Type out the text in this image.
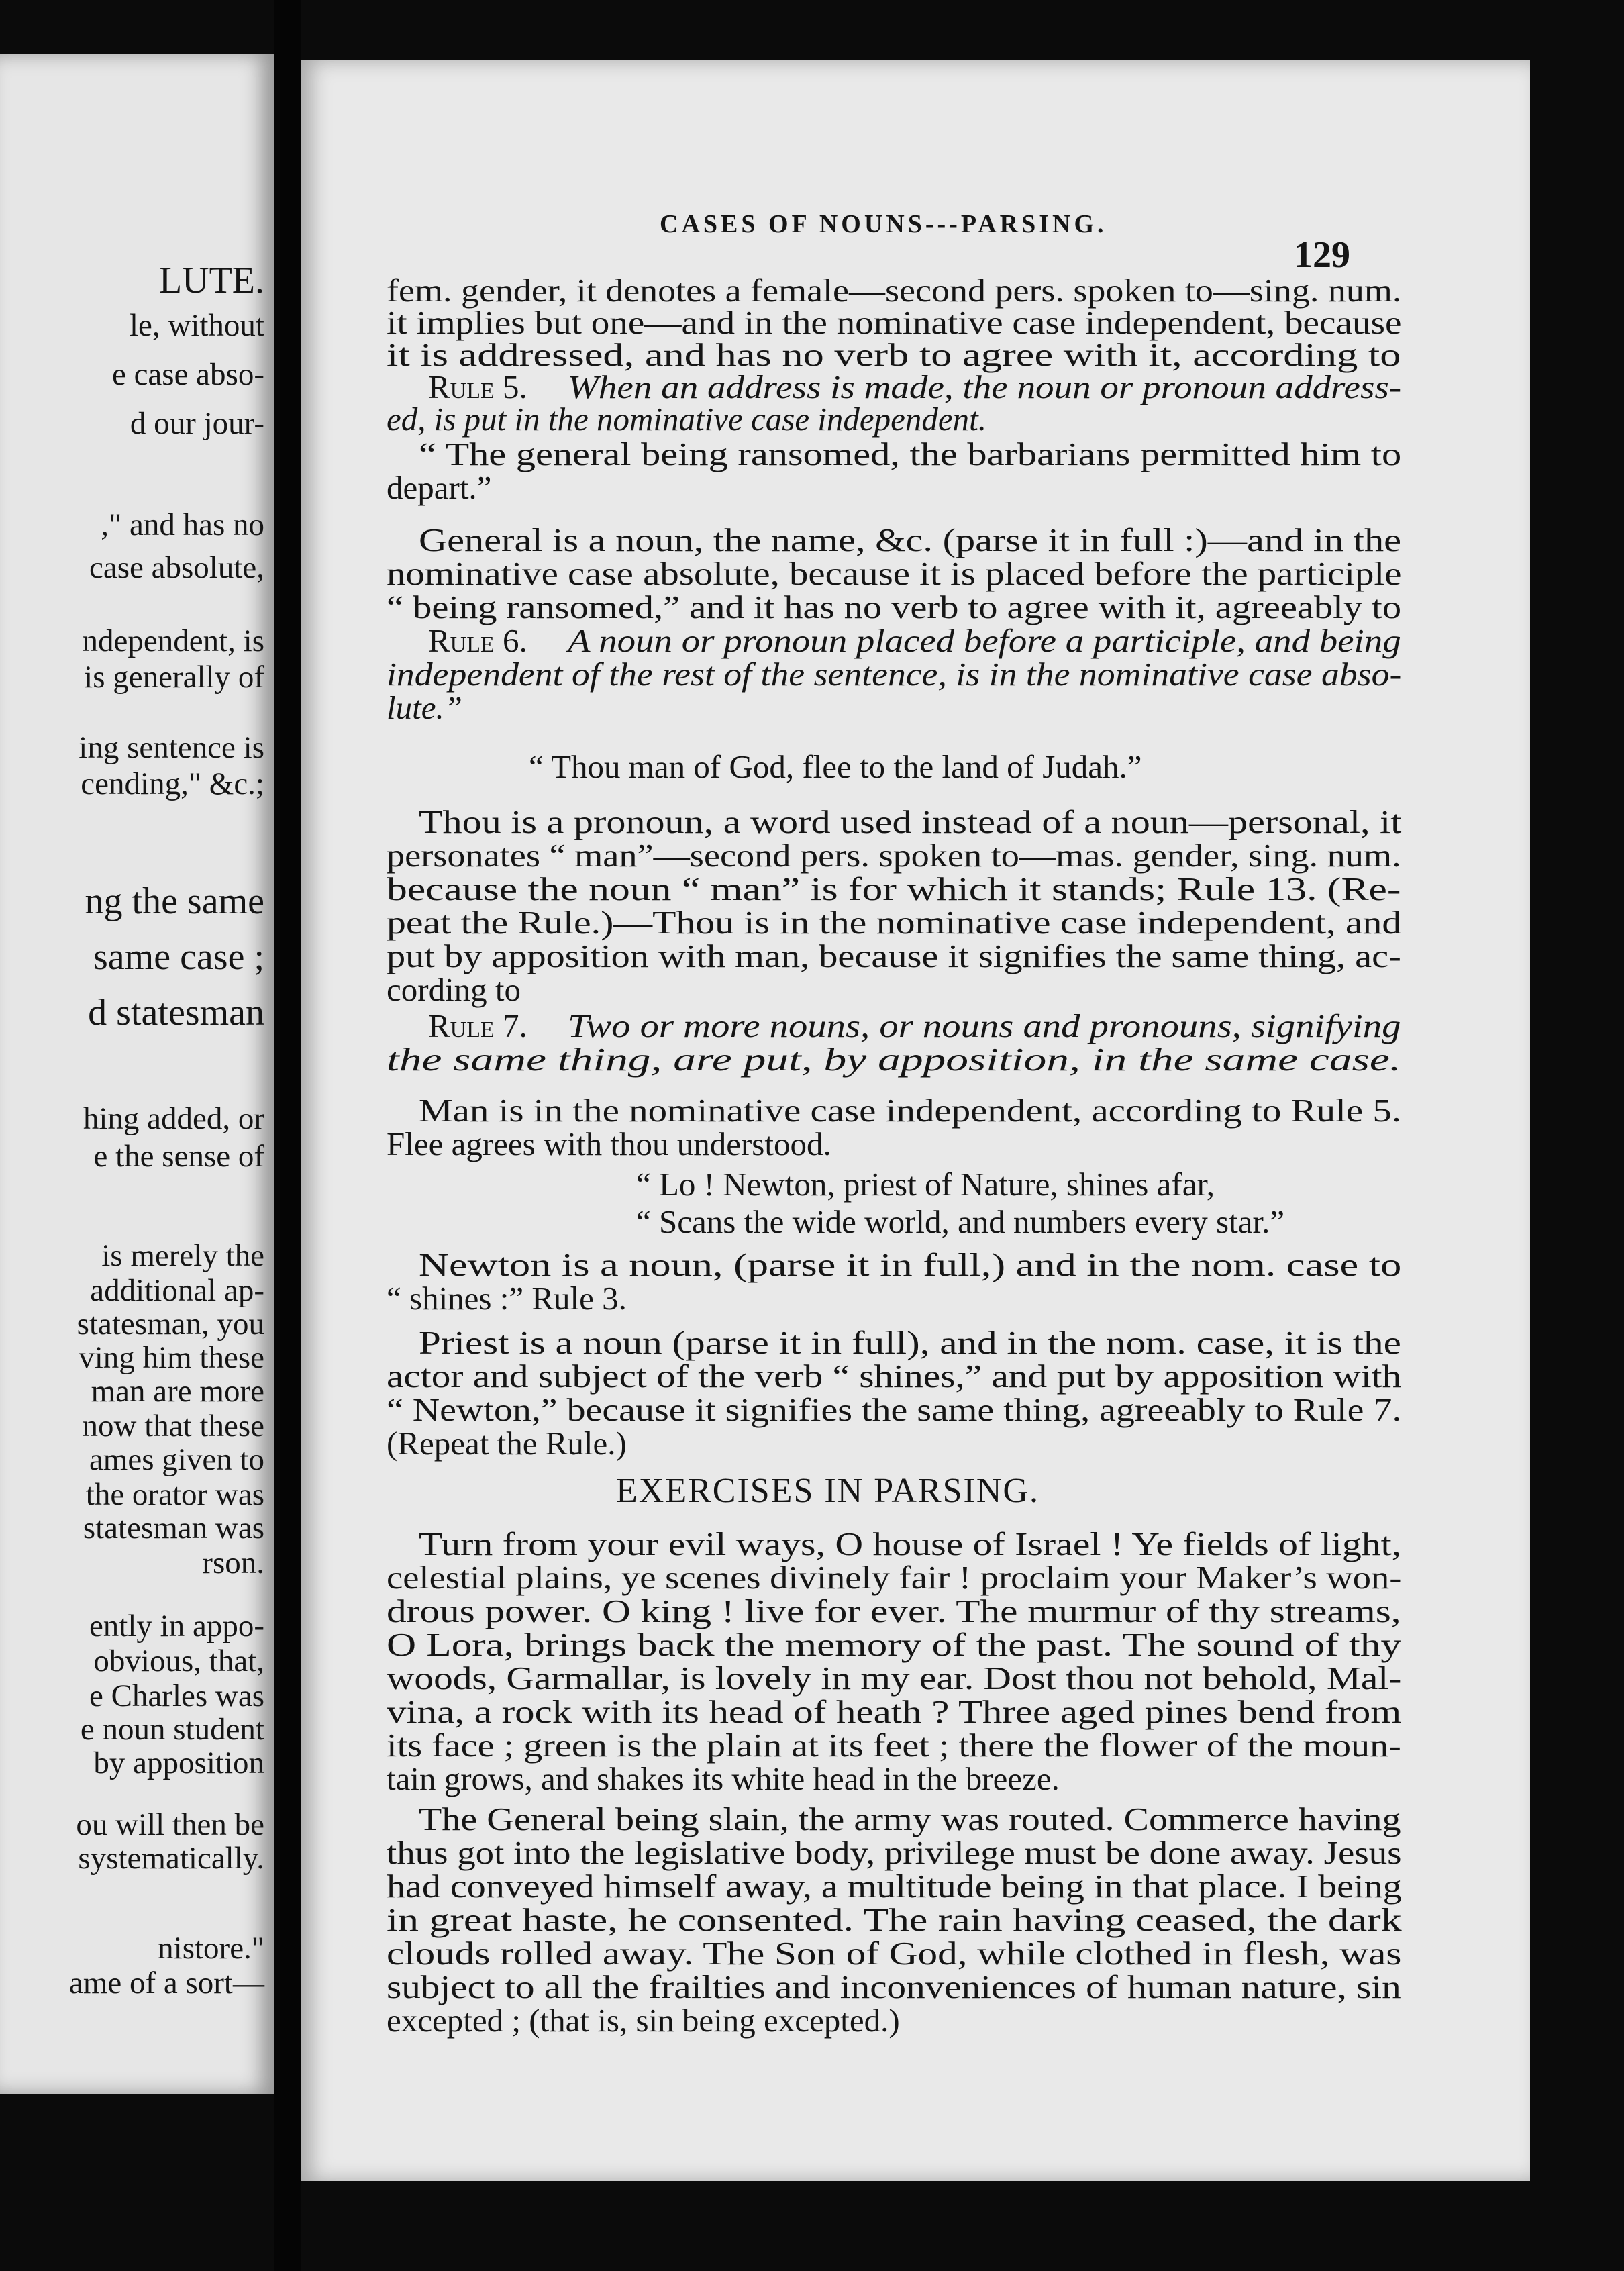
LUTE.
le, without
e case abso-
d our jour-
," and has no
case absolute,
ndependent, is
is generally of
ing sentence is
cending," &c.;
ng the same
same case ;
d statesman
hing added, or
e the sense of
is merely the
additional ap-
statesman, you
ving him these
man are more
now that these
ames given to
the orator was
statesman was
rson.
ently in appo-
obvious, that,
e Charles was
e noun student
by apposition
ou will then be
systematically.
nistore."
ame of a sort—
CASES OF NOUNS---PARSING.
129
fem. gender, it denotes a female—second pers. spoken to—sing. num.
it implies but one—and in the nominative case independent, because
it is addressed, and has no verb to agree with it, according to
Rule 5. When an address is made, the noun or pronoun address-
ed, is put in the nominative case independent.
“ The general being ransomed, the barbarians permitted him to
depart.”
General is a noun, the name, &c. (parse it in full :)—and in the
nominative case absolute, because it is placed before the participle
“ being ransomed,” and it has no verb to agree with it, agreeably to
Rule 6. A noun or pronoun placed before a participle, and being
independent of the rest of the sentence, is in the nominative case abso-
lute.”
“ Thou man of God, flee to the land of Judah.”
Thou is a pronoun, a word used instead of a noun—personal, it
personates “ man”—second pers. spoken to—mas. gender, sing. num.
because the noun “ man” is for which it stands; Rule 13. (Re-
peat the Rule.)—Thou is in the nominative case independent, and
put by apposition with man, because it signifies the same thing, ac-
cording to
Rule 7. Two or more nouns, or nouns and pronouns, signifying
the same thing, are put, by apposition, in the same case.
Man is in the nominative case independent, according to Rule 5.
Flee agrees with thou understood.
“ Lo ! Newton, priest of Nature, shines afar,
“ Scans the wide world, and numbers every star.”
Newton is a noun, (parse it in full,) and in the nom. case to
“ shines :” Rule 3.
Priest is a noun (parse it in full), and in the nom. case, it is the
actor and subject of the verb “ shines,” and put by apposition with
“ Newton,” because it signifies the same thing, agreeably to Rule 7.
(Repeat the Rule.)
EXERCISES IN PARSING.
Turn from your evil ways, O house of Israel ! Ye fields of light,
celestial plains, ye scenes divinely fair ! proclaim your Maker’s won-
drous power. O king ! live for ever. The murmur of thy streams,
O Lora, brings back the memory of the past. The sound of thy
woods, Garmallar, is lovely in my ear. Dost thou not behold, Mal-
vina, a rock with its head of heath ? Three aged pines bend from
its face ; green is the plain at its feet ; there the flower of the moun-
tain grows, and shakes its white head in the breeze.
The General being slain, the army was routed. Commerce having
thus got into the legislative body, privilege must be done away. Jesus
had conveyed himself away, a multitude being in that place. I being
in great haste, he consented. The rain having ceased, the dark
clouds rolled away. The Son of God, while clothed in flesh, was
subject to all the frailties and inconveniences of human nature, sin
excepted ; (that is, sin being excepted.)
